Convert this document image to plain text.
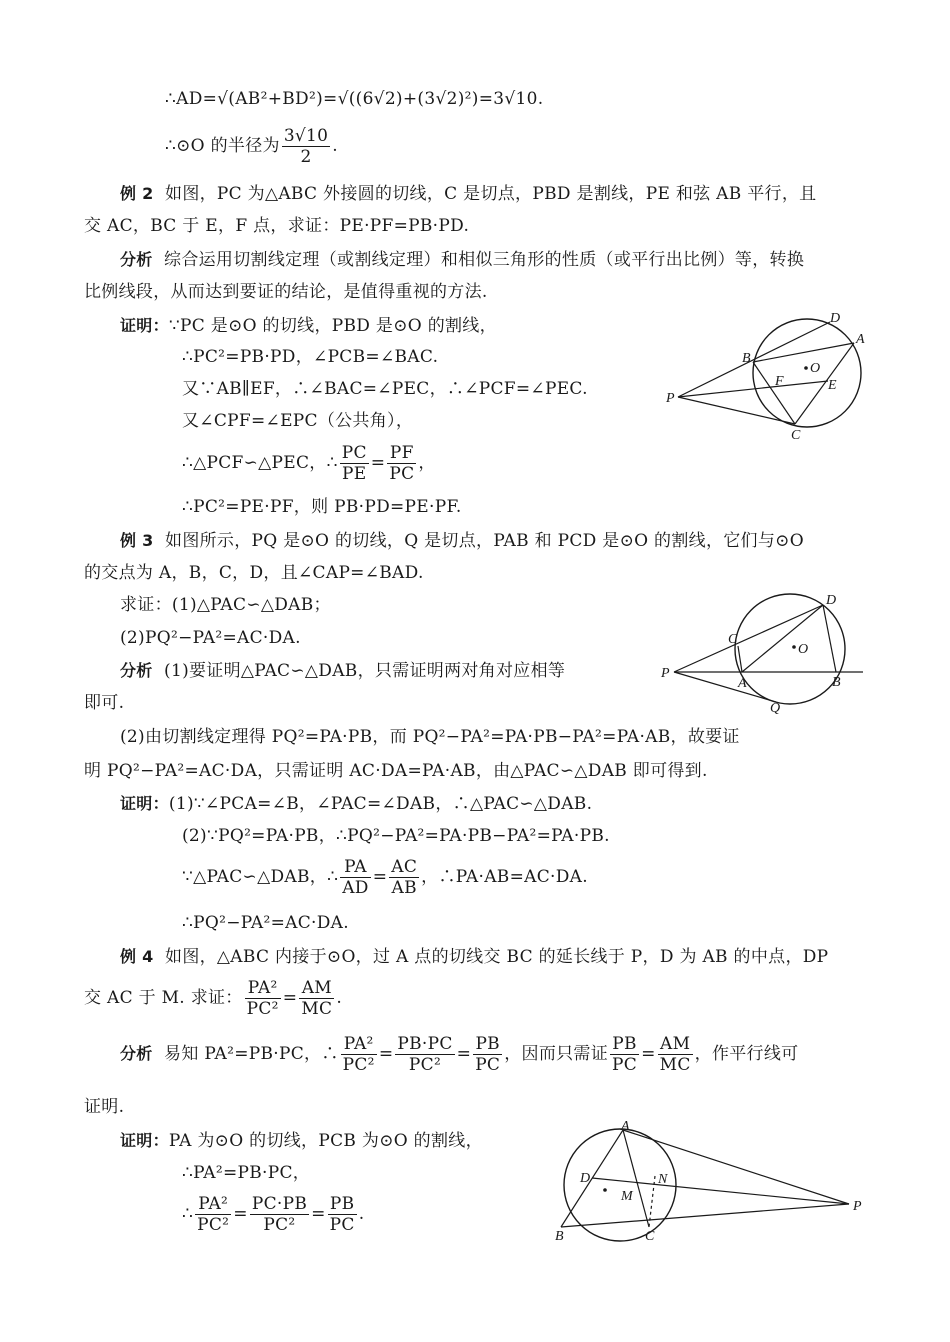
∴AD=√(AB²+BD²)=√((6√2)+(3√2)²)=3√10.
∴⊙O 的半径为 $\frac{3√10}{2}$ .
例 2 如图，PC 为△ABC 外接圆的切线，C 是切点，PBD 是割线，PE 和弦 AB 平行，且
交 AC，BC 于 E，F 点，求证：PE·PF=PB·PD.
分析 综合运用切割线定理（或割线定理）和相似三角形的性质（或平行出比例）等，转换
比例线段，从而达到要证的结论，是值得重视的方法.
证明：∵PC 是⊙O 的切线，PBD 是⊙O 的割线，
∴PC²=PB·PD，∠PCB=∠BAC.
又∵AB∥EF，∴∠BAC=∠PEC，∴∠PCF=∠PEC.
又∠CPF=∠EPC（公共角），
∴△PCF∽△PEC，∴ $\frac{PC}{PE} = \frac{PF}{PC}$ ，
∴PC²=PE·PF，则 PB·PD=PE·PF.
D
A
B
O
F	E
P
C
例 3 如图所示，PQ 是⊙O 的切线，Q 是切点，PAB 和 PCD 是⊙O 的割线，它们与⊙O
的交点为 A，B，C，D，且∠CAP=∠BAD.
求证：(1)△PAC∽△DAB；
(2)PQ²−PA²=AC·DA.
分析 (1)要证明△PAC∽△DAB，只需证明两对角对应相等
即可.
(2)由切割线定理得 PQ²=PA·PB，而 PQ²−PA²=PA·PB−PA²=PA·AB，故要证
明 PQ²−PA²=AC·DA，只需证明 AC·DA=PA·AB，由△PAC∽△DAB 即可得到.
证明：(1)∵∠PCA=∠B，∠PAC=∠DAB，∴△PAC∽△DAB.
(2)∵PQ²=PA·PB，∴PQ²−PA²=PA·PB−PA²=PA·PB.
∵△PAC∽△DAB，∴ $\frac{PA}{AD} = \frac{AC}{AB}$ ，∴PA·AB=AC·DA.
∴PQ²−PA²=AC·DA.
D
C
O
P
A	B
Q
例 4 如图，△ABC 内接于⊙O，过 A 点的切线交 BC 的延长线于 P，D 为 AB 的中点，DP
交 AC 于 M. 求证： $\frac{\text{PA²}}{\text{PC²}} = \frac{AM}{MC}$ .
分析 易知 PA²=PB·PC，∴ $\frac{\text{PA²}}{\text{PC²}} = \frac{PB\cdot PC}{\text{PC²}} = \frac{PB}{PC}$ ，因而只需证 $\frac{PB}{PC} = \frac{AM}{MC}$ ，作平行线可
证明.
证明：PA 为⊙O 的切线，PCB 为⊙O 的割线，
∴PA²=PB·PC，
∴ $\frac{\text{PA²}}{\text{PC²}} = \frac{PC\cdot PB}{\text{PC²}} = \frac{PB}{PC}$ .
A
D	N
M
B	C
P
